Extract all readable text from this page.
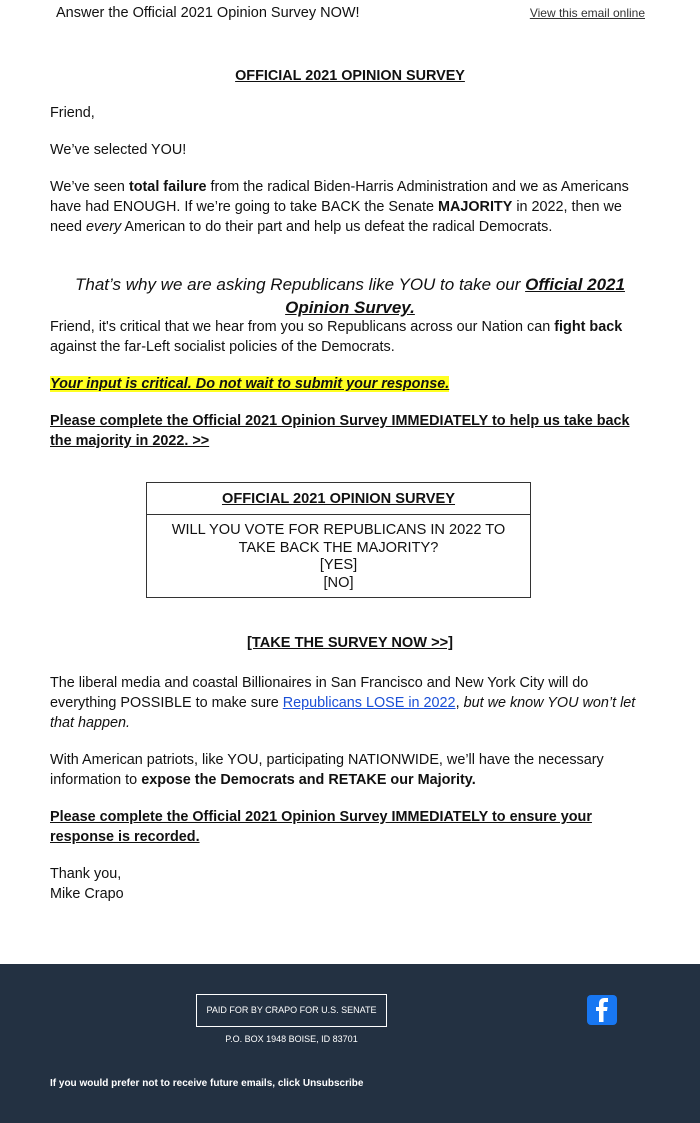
Answer the Official 2021 Opinion Survey NOW!	View this email online
OFFICIAL 2021 OPINION SURVEY

Friend,

We’ve selected YOU!

We’ve seen total failure from the radical Biden-Harris Administration and we as Americans have had ENOUGH. If we’re going to take BACK the Senate MAJORITY in 2022, then we need every American to do their part and help us defeat the radical Democrats.

That’s why we are asking Republicans like YOU to take our Official 2021 Opinion Survey.

Friend, it's critical that we hear from you so Republicans across our Nation can fight back against the far-Left socialist policies of the Democrats.

Your input is critical. Do not wait to submit your response.

Please complete the Official 2021 Opinion Survey IMMEDIATELY to help us take back the majority in 2022. >>
OFFICIAL 2021 OPINION SURVEY
WILL YOU VOTE FOR REPUBLICANS IN 2022 TO
TAKE BACK THE MAJORITY?
[YES]
[NO]
[TAKE THE SURVEY NOW >>]

The liberal media and coastal Billionaires in San Francisco and New York City will do everything POSSIBLE to make sure Republicans LOSE in 2022, but we know YOU won’t let that happen.

With American patriots, like YOU, participating NATIONWIDE, we’ll have the necessary information to expose the Democrats and RETAKE our Majority.

Please complete the Official 2021 Opinion Survey IMMEDIATELY to ensure your response is recorded.

Thank you,
Mike Crapo

PAID FOR BY CRAPO FOR U.S. SENATE
P.O. BOX 1948 BOISE, ID 83701
If you would prefer not to receive future emails, click Unsubscribe
